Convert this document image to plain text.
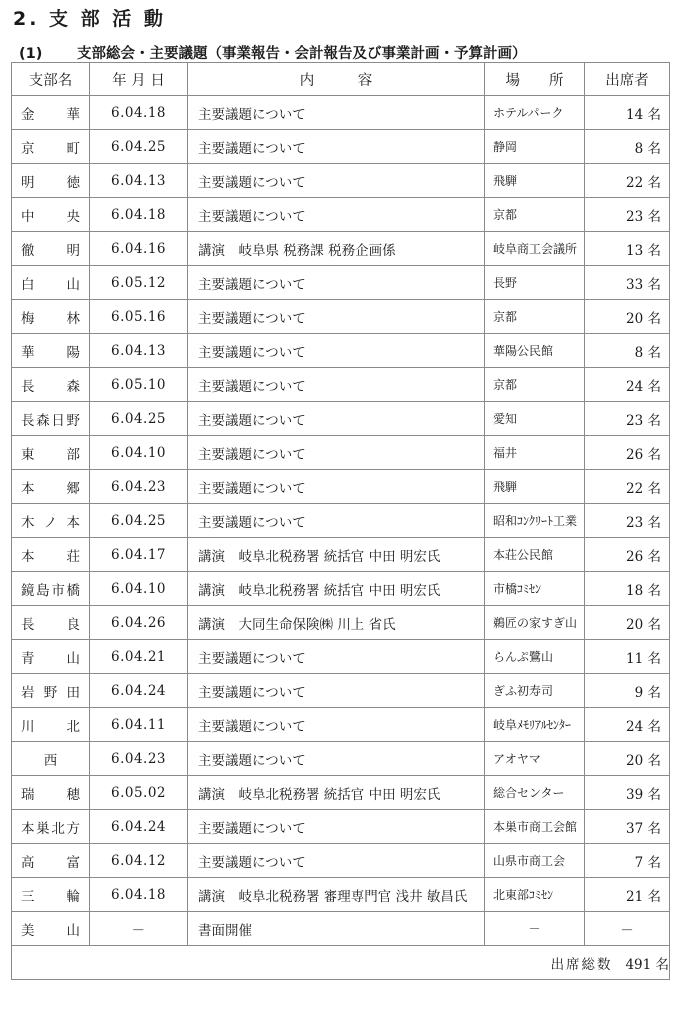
2. 支 部 活 動
(1) 支部総会・主要議題（事業報告・会計報告及び事業計画・予算計画）
支部名	年 月 日	内　　　容	場　　所	出席者
金華	6.04.18	主要議題について	ホテルパーク	14 名
京町	6.04.25	主要議題について	静岡	8 名
明徳	6.04.13	主要議題について	飛騨	22 名
中央	6.04.18	主要議題について	京都	23 名
徹明	6.04.16	講演　岐阜県 税務課 税務企画係	岐阜商工会議所	13 名
白山	6.05.12	主要議題について	長野	33 名
梅林	6.05.16	主要議題について	京都	20 名
華陽	6.04.13	主要議題について	華陽公民館	8 名
長森	6.05.10	主要議題について	京都	24 名
長森日野	6.04.25	主要議題について	愛知	23 名
東部	6.04.10	主要議題について	福井	26 名
本郷	6.04.23	主要議題について	飛騨	22 名
木ノ本	6.04.25	主要議題について	昭和ｺﾝｸﾘｰﾄ工業	23 名
本荘	6.04.17	講演　岐阜北税務署 統括官 中田 明宏氏	本荘公民館	26 名
鏡島市橋	6.04.10	講演　岐阜北税務署 統括官 中田 明宏氏	市橋ｺﾐｾﾝ	18 名
長良	6.04.26	講演　大同生命保険㈱ 川上 省氏	鵜匠の家すぎ山	20 名
青山	6.04.21	主要議題について	らんぷ鷺山	11 名
岩野田	6.04.24	主要議題について	ぎふ初寿司	9 名
川北	6.04.11	主要議題について	岐阜ﾒﾓﾘｱﾙｾﾝﾀｰ	24 名
西	6.04.23	主要議題について	アオヤマ	20 名
瑞穂	6.05.02	講演　岐阜北税務署 統括官 中田 明宏氏	総合センター	39 名
本巣北方	6.04.24	主要議題について	本巣市商工会館	37 名
高富	6.04.12	主要議題について	山県市商工会	7 名
三輪	6.04.18	講演　岐阜北税務署 審理専門官 浅井 敏昌氏	北東部ｺﾐｾﾝ	21 名
美山	－	書面開催	－	－
出席総数 491 名				
